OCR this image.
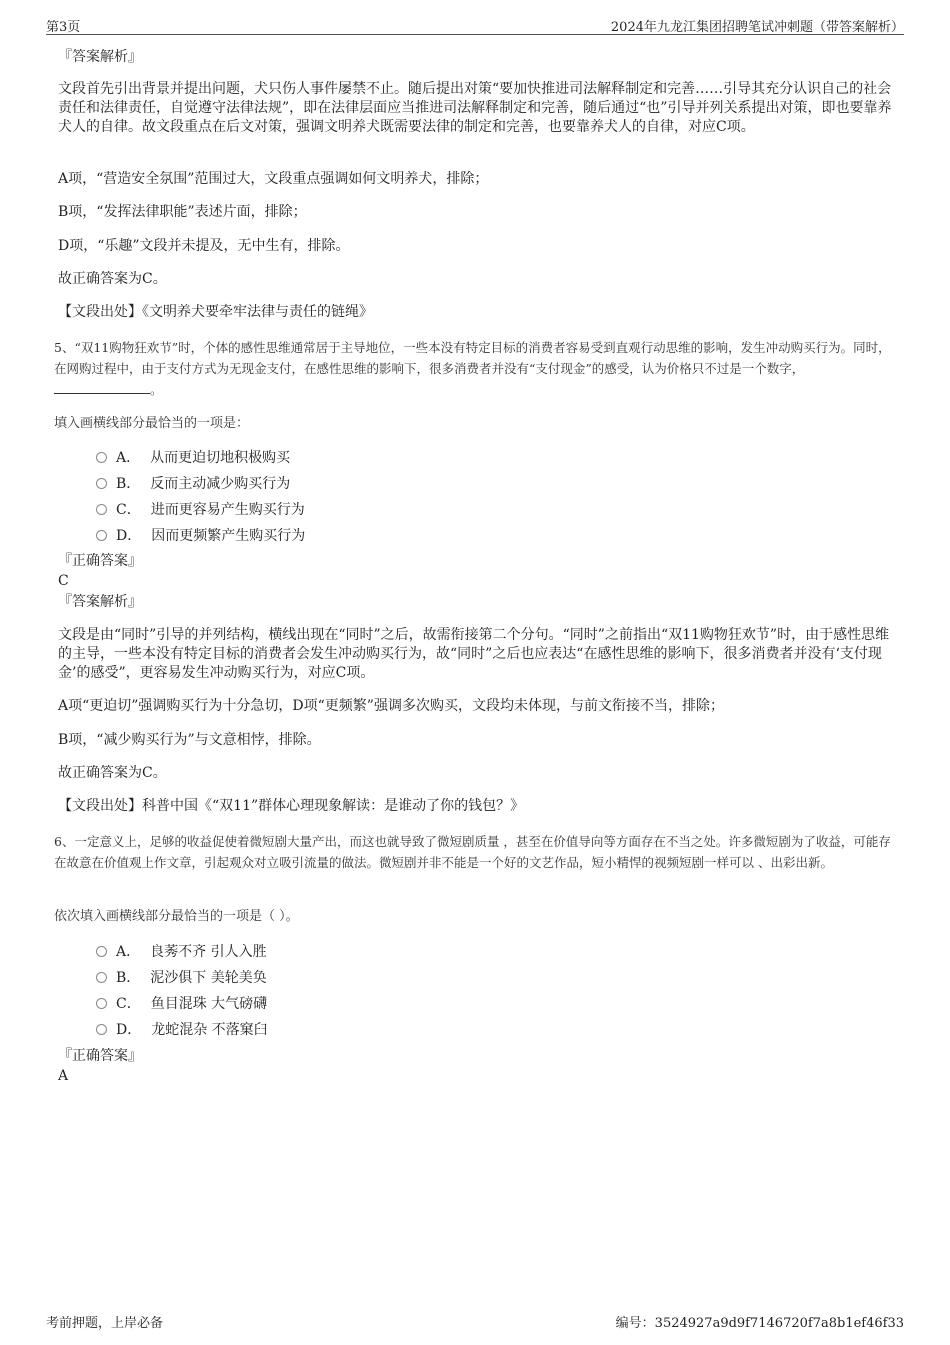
第3页	2024年九龙江集团招聘笔试冲刺题（带答案解析）
『答案解析』
文段首先引出背景并提出问题，犬只伤人事件屡禁不止。随后提出对策“要加快推进司法解释制定和完善……引导其充分认识自己的社会责任和法律责任，自觉遵守法律法规”，即在法律层面应当推进司法解释制定和完善，随后通过“也”引导并列关系提出对策，即也要靠养犬人的自律。故文段重点在后文对策，强调文明养犬既需要法律的制定和完善，也要靠养犬人的自律，对应C项。
A项，“营造安全氛围”范围过大，文段重点强调如何文明养犬，排除；
B项，“发挥法律职能”表述片面，排除；
D项，“乐趣”文段并未提及，无中生有，排除。
故正确答案为C。
【文段出处】《文明养犬要牵牢法律与责任的链绳》
5、“双11购物狂欢节”时，个体的感性思维通常居于主导地位，一些本没有特定目标的消费者容易受到直观行动思维的影响，发生冲动购买行为。同时，在网购过程中，由于支付方式为无现金支付，在感性思维的影响下，很多消费者并没有“支付现金”的感受，认为价格只不过是一个数字，。
填入画横线部分最恰当的一项是：
A． 从而更迫切地积极购买
B． 反而主动减少购买行为
C． 进而更容易产生购买行为
D． 因而更频繁产生购买行为
『正确答案』
C
『答案解析』
文段是由“同时”引导的并列结构，横线出现在“同时”之后，故需衔接第二个分句。“同时”之前指出“双11购物狂欢节”时，由于感性思维的主导，一些本没有特定目标的消费者会发生冲动购买行为，故“同时”之后也应表达“在感性思维的影响下，很多消费者并没有‘支付现金’的感受”，更容易发生冲动购买行为，对应C项。
A项“更迫切”强调购买行为十分急切，D项“更频繁”强调多次购买，文段均未体现，与前文衔接不当，排除；
B项，“减少购买行为”与文意相悖，排除。
故正确答案为C。
【文段出处】科普中国《“双11”群体心理现象解读：是谁动了你的钱包？》
6、一定意义上，足够的收益促使着微短剧大量产出，而这也就导致了微短剧质量 ，甚至在价值导向等方面存在不当之处。许多微短剧为了收益，可能存在故意在价值观上作文章，引起观众对立吸引流量的做法。微短剧并非不能是一个好的文艺作品，短小精悍的视频短剧一样可以 、出彩出新。
依次填入画横线部分最恰当的一项是（ ）。
A． 良莠不齐 引人入胜
B． 泥沙俱下 美轮美奂
C． 鱼目混珠 大气磅礴
D． 龙蛇混杂 不落窠臼
『正确答案』
A
考前押题，上岸必备	编号：3524927a9d9f7146720f7a8b1ef46f33
